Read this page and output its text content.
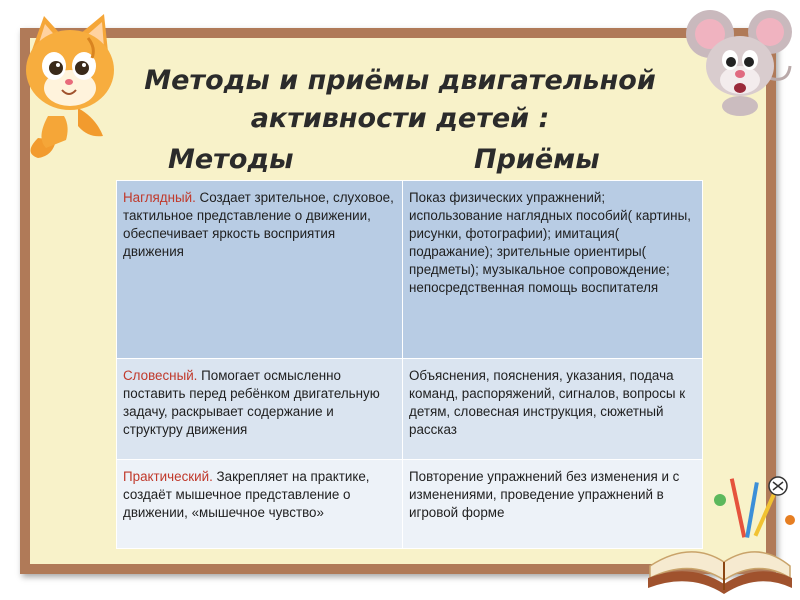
Методы и приёмы двигательной
активности детей :
Методы	Приёмы
Наглядный. Создает зрительное, слуховое, тактильное представление о движении, обеспечивает яркость восприятия движения	Показ физических упражнений; использование наглядных пособий( картины, рисунки, фотографии); имитация( подражание); зрительные ориентиры( предметы); музыкальное сопровождение; непосредственная помощь воспитателя
Словесный. Помогает осмысленно поставить перед ребёнком двигательную задачу, раскрывает содержание и структуру движения	Объяснения, пояснения, указания, подача команд, распоряжений, сигналов, вопросы к детям, словесная инструкция, сюжетный рассказ
Практический. Закрепляет на практике, создаёт мышечное представление о движении, «мышечное чувство»	Повторение упражнений без изменения и с изменениями, проведение упражнений в игровой форме
